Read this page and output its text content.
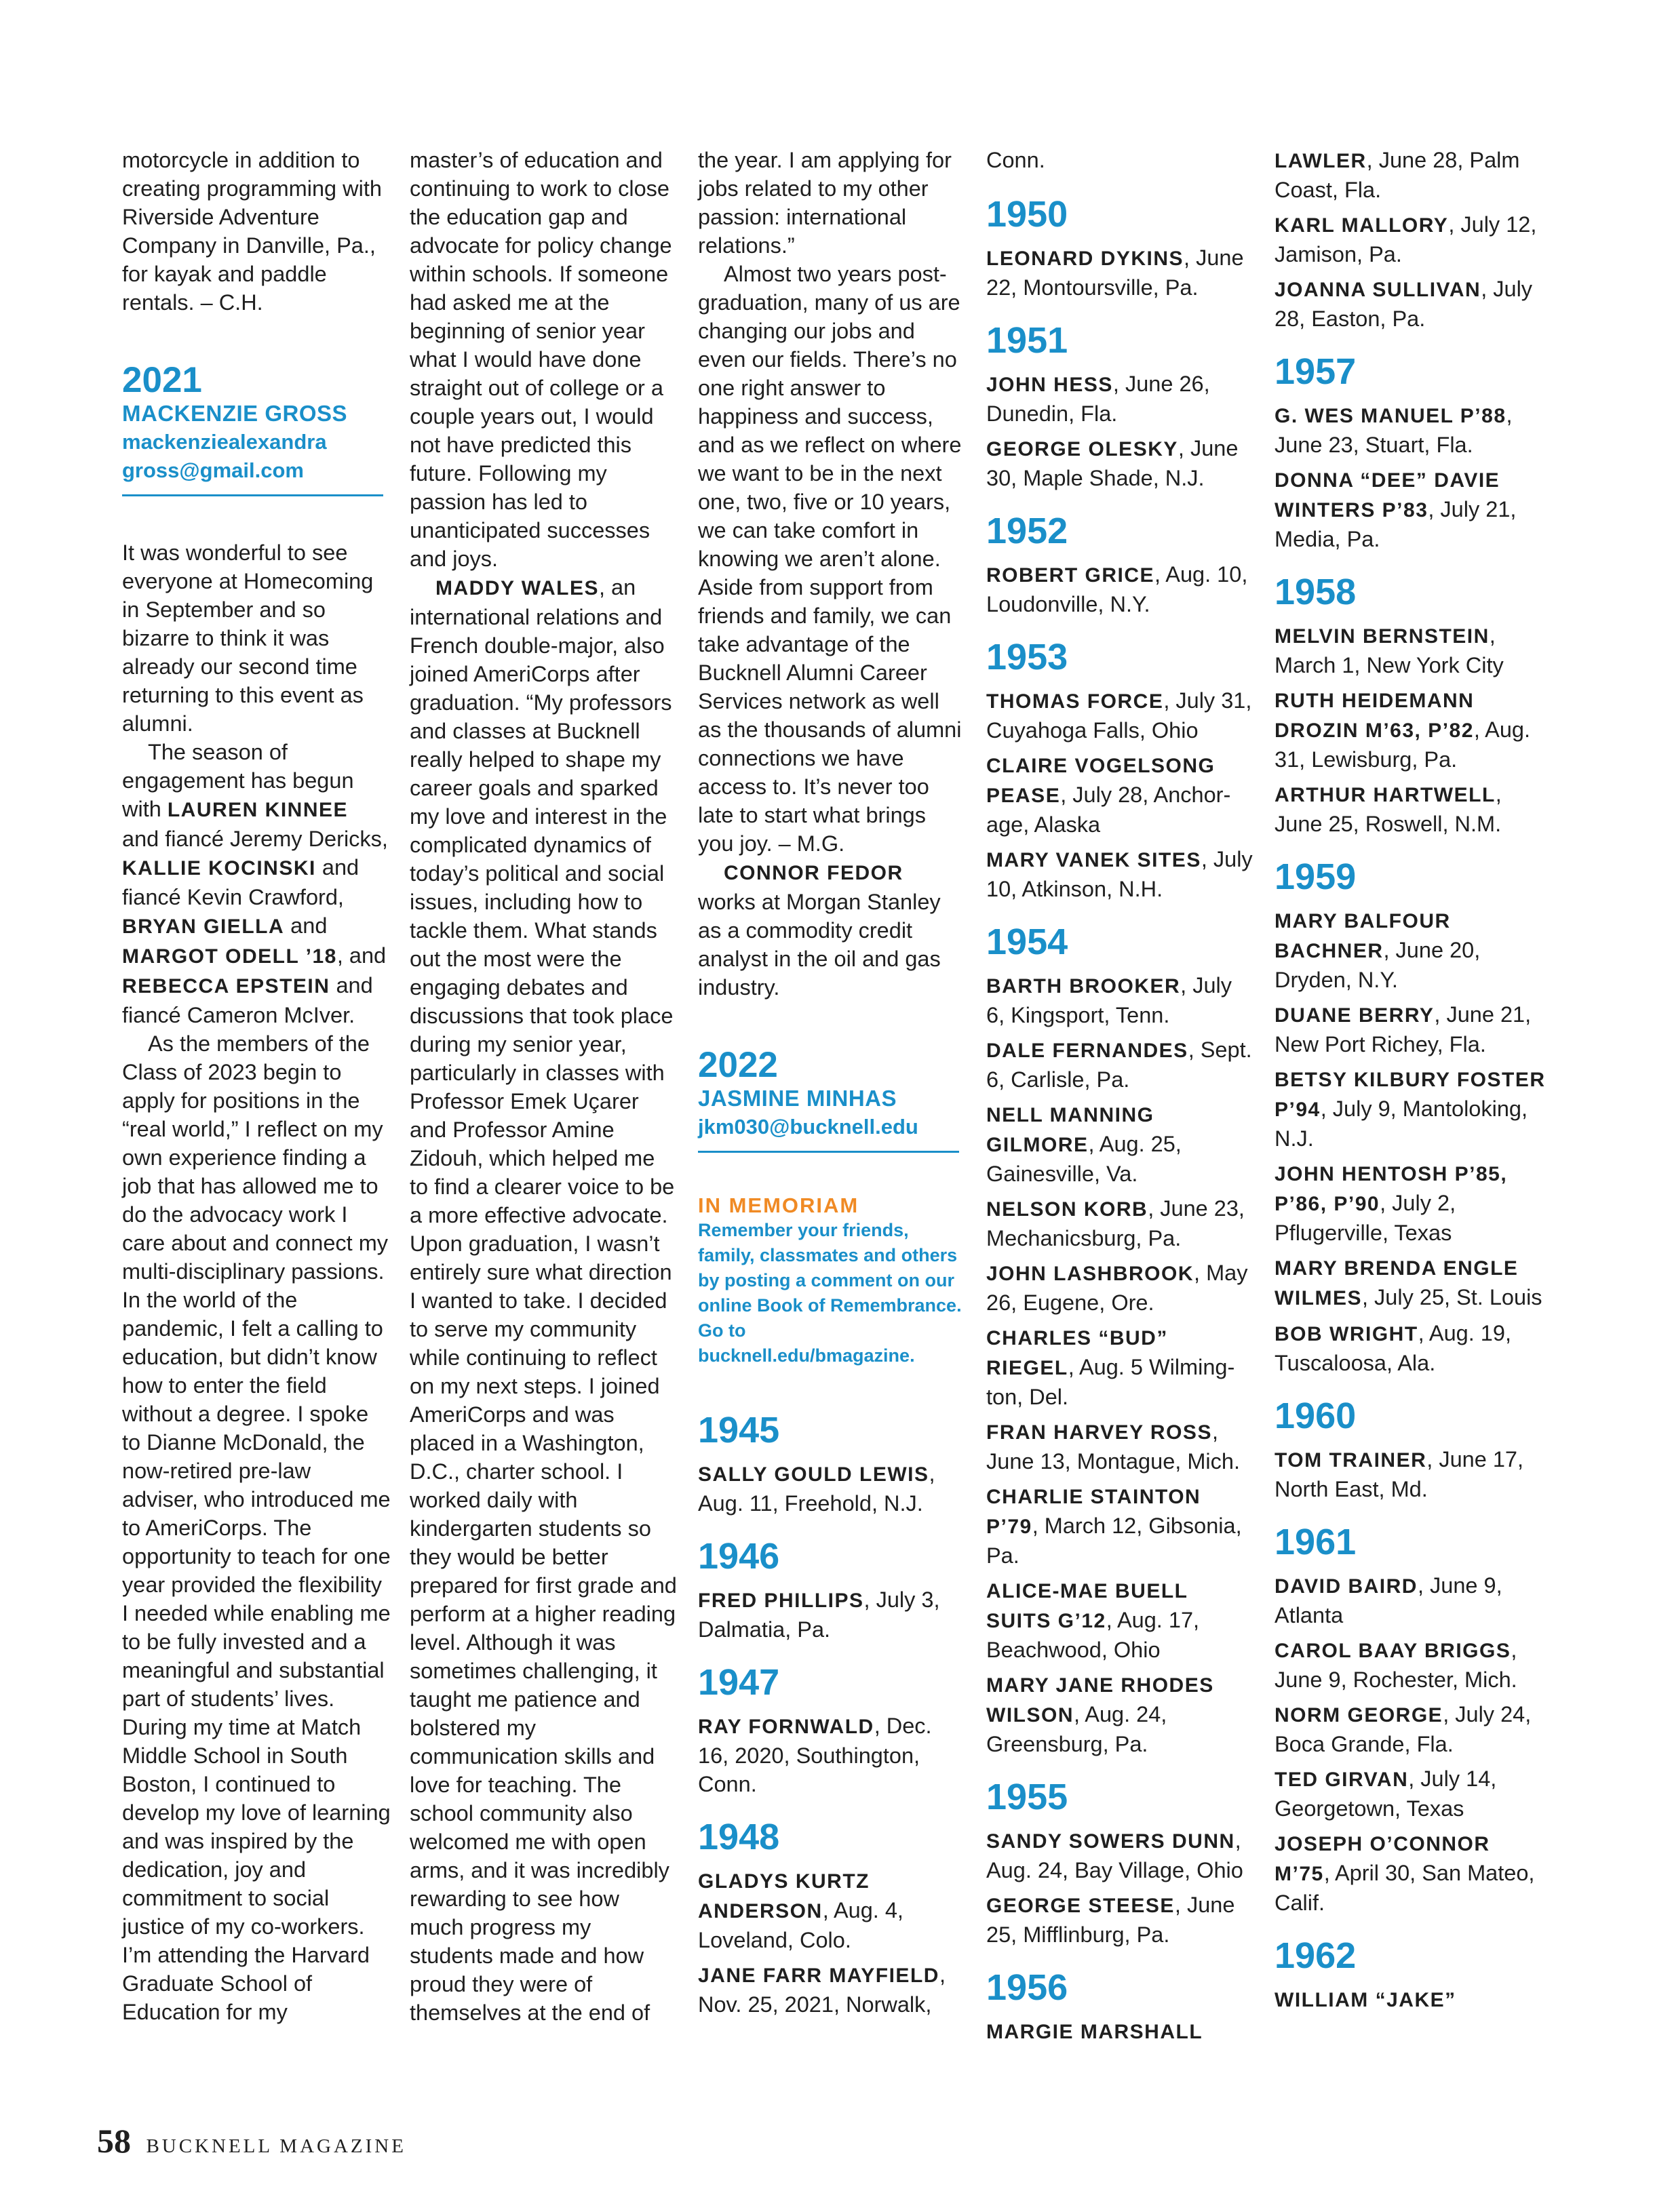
motorcycle in addition to creating programming with Riverside Adventure Company in Danville, Pa., for kayak and paddle rentals. – C.H.

2021
MACKENZIE GROSS
mackenziealexandra
gross@gmail.com

It was wonderful to see everyone at Homecoming in September and so bizarre to think it was already our second time returning to this event as alumni.

The season of engagement has begun with LAUREN KINNEE and fiancé Jeremy Dericks, KALLIE KOCINSKI and fiancé Kevin Crawford, BRYAN GIELLA and MARGOT ODELL ’18, and REBECCA EPSTEIN and fiancé Cameron McIver.

As the members of the Class of 2023 begin to apply for positions in the “real world,” I reflect on my own experience finding a job that has allowed me to do the advocacy work I care about and connect my multi-disciplinary passions. In the world of the pandemic, I felt a calling to education, but didn’t know how to enter the field without a degree. I spoke to Dianne McDonald, the now-retired pre-law adviser, who introduced me to AmeriCorps. The opportunity to teach for one year provided the flexibility I needed while enabling me to be fully invested and a meaningful and substantial part of students’ lives. During my time at Match Middle School in South Boston, I continued to develop my love of learning and was inspired by the dedication, joy and commitment to social justice of my co-workers. I’m attending the Harvard Graduate School of Education for my

master’s of education and continuing to work to close the education gap and advocate for policy change within schools. If someone had asked me at the beginning of senior year what I would have done straight out of college or a couple years out, I would not have predicted this future. Following my passion has led to unanticipated successes and joys.

MADDY WALES, an international relations and French double-major, also joined AmeriCorps after graduation. “My professors and classes at Bucknell really helped to shape my career goals and sparked my love and interest in the complicated dynamics of today’s political and social issues, including how to tackle them. What stands out the most were the engaging debates and discussions that took place during my senior year, particularly in classes with Professor Emek Uçarer and Professor Amine Zidouh, which helped me to find a clearer voice to be a more effective advocate. Upon graduation, I wasn’t entirely sure what direction I wanted to take. I decided to serve my community while continuing to reflect on my next steps. I joined AmeriCorps and was placed in a Washington, D.C., charter school. I worked daily with kindergarten students so they would be better prepared for first grade and perform at a higher reading level. Although it was sometimes challenging, it taught me patience and bolstered my communication skills and love for teaching. The school community also welcomed me with open arms, and it was incredibly rewarding to see how much progress my students made and how proud they were of themselves at the end of

the year. I am applying for jobs related to my other passion: international relations.”

Almost two years post-graduation, many of us are changing our jobs and even our fields. There’s no one right answer to happiness and success, and as we reflect on where we want to be in the next one, two, five or 10 years, we can take comfort in knowing we aren’t alone. Aside from support from friends and family, we can take advantage of the Bucknell Alumni Career Services network as well as the thousands of alumni connections we have access to. It’s never too late to start what brings you joy. – M.G.

CONNOR FEDOR works at Morgan Stanley as a commodity credit analyst in the oil and gas industry.

2022
JASMINE MINHAS
jkm030@bucknell.edu
IN MEMORIAM
Remember your friends, family, classmates and others by posting a comment on our online Book of Remembrance. Go to bucknell.edu/bmagazine.
1945

SALLY GOULD LEWIS, Aug. 11, Freehold, N.J.

1946

FRED PHILLIPS, July 3, Dalmatia, Pa.

1947

RAY FORNWALD, Dec. 16, 2020, Southington, Conn.

1948

GLADYS KURTZ ANDERSON, Aug. 4, Loveland, Colo.

JANE FARR MAYFIELD, Nov. 25, 2021, Norwalk,

Conn.

1950

LEONARD DYKINS, June 22, Montoursville, Pa.

1951

JOHN HESS, June 26, Dunedin, Fla.

GEORGE OLESKY, June 30, Maple Shade, N.J.

1952

ROBERT GRICE, Aug. 10, Loudonville, N.Y.

1953

THOMAS FORCE, July 31, Cuyahoga Falls, Ohio

CLAIRE VOGELSONG PEASE, July 28, Anchorage, Alaska

MARY VANEK SITES, July 10, Atkinson, N.H.

1954

BARTH BROOKER, July 6, Kingsport, Tenn.

DALE FERNANDES, Sept. 6, Carlisle, Pa.

NELL MANNING GILMORE, Aug. 25, Gainesville, Va.

NELSON KORB, June 23, Mechanicsburg, Pa.

JOHN LASHBROOK, May 26, Eugene, Ore.

CHARLES “BUD” RIEGEL, Aug. 5 Wilmington, Del.

FRAN HARVEY ROSS, June 13, Montague, Mich.

CHARLIE STAINTON P’79, March 12, Gibsonia, Pa.

ALICE-MAE BUELL SUITS G’12, Aug. 17, Beachwood, Ohio

MARY JANE RHODES WILSON, Aug. 24, Greensburg, Pa.

1955

SANDY SOWERS DUNN, Aug. 24, Bay Village, Ohio

GEORGE STEESE, June 25, Mifflinburg, Pa.

1956

MARGIE MARSHALL

LAWLER, June 28, Palm Coast, Fla.

KARL MALLORY, July 12, Jamison, Pa.

JOANNA SULLIVAN, July 28, Easton, Pa.

1957

G. WES MANUEL P’88, June 23, Stuart, Fla.

DONNA “DEE” DAVIE WINTERS P’83, July 21, Media, Pa.

1958

MELVIN BERNSTEIN, March 1, New York City

RUTH HEIDEMANN DROZIN M’63, P’82, Aug. 31, Lewisburg, Pa.

ARTHUR HARTWELL, June 25, Roswell, N.M.

1959

MARY BALFOUR BACHNER, June 20, Dryden, N.Y.

DUANE BERRY, June 21, New Port Richey, Fla.

BETSY KILBURY FOSTER P’94, July 9, Mantoloking, N.J.

JOHN HENTOSH P’85, P’86, P’90, July 2, Pflugerville, Texas

MARY BRENDA ENGLE WILMES, July 25, St. Louis

BOB WRIGHT, Aug. 19, Tuscaloosa, Ala.

1960

TOM TRAINER, June 17, North East, Md.

1961

DAVID BAIRD, June 9, Atlanta

CAROL BAAY BRIGGS, June 9, Rochester, Mich.

NORM GEORGE, July 24, Boca Grande, Fla.

TED GIRVAN, July 14, Georgetown, Texas

JOSEPH O’CONNOR M’75, April 30, San Mateo, Calif.

1962

WILLIAM “JAKE”

58 BUCKNELL MAGAZINE
